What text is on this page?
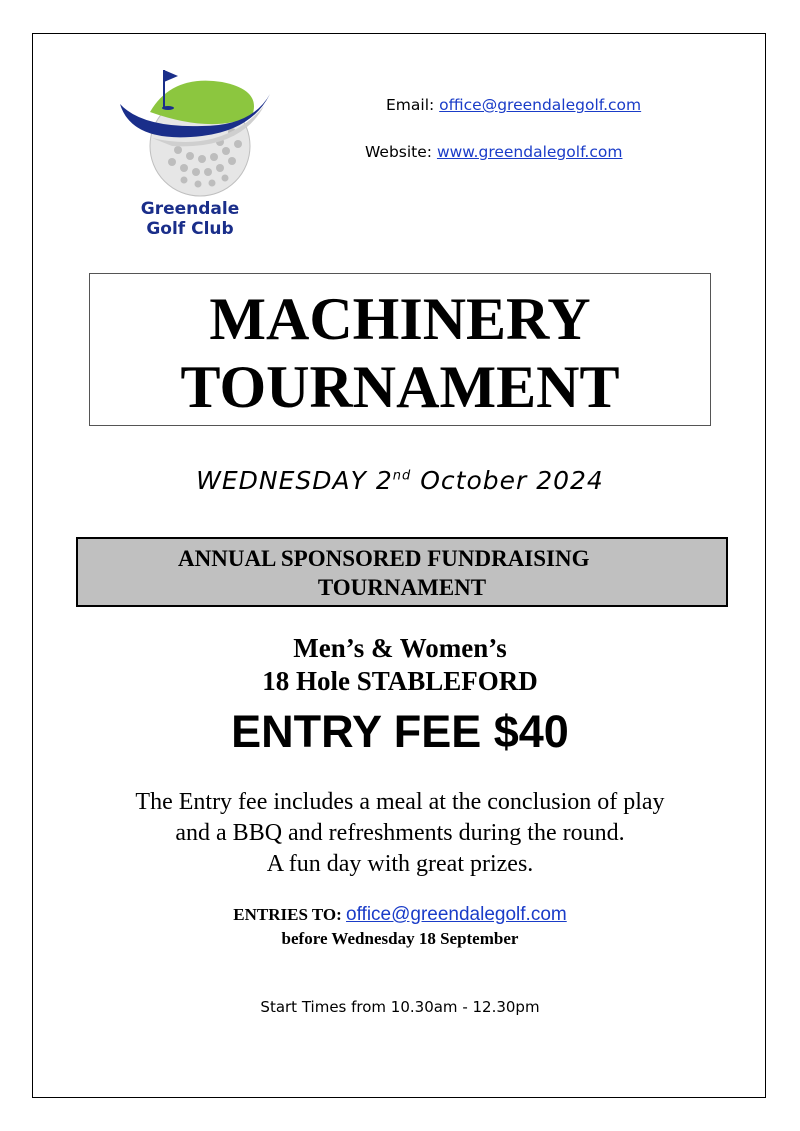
Greendale
Golf Club
Email: office@greendalegolf.com
Website: www.greendalegolf.com
MACHINERY
TOURNAMENT
WEDNESDAY 2nd October 2024
ANNUAL SPONSORED FUNDRAISING
TOURNAMENT
Men’s & Women’s
18 Hole STABLEFORD
ENTRY FEE $40
The Entry fee includes a meal at the conclusion of play
and a BBQ and refreshments during the round.
A fun day with great prizes.
ENTRIES TO: office@greendalegolf.com
before Wednesday 18 September
Start Times from 10.30am - 12.30pm
